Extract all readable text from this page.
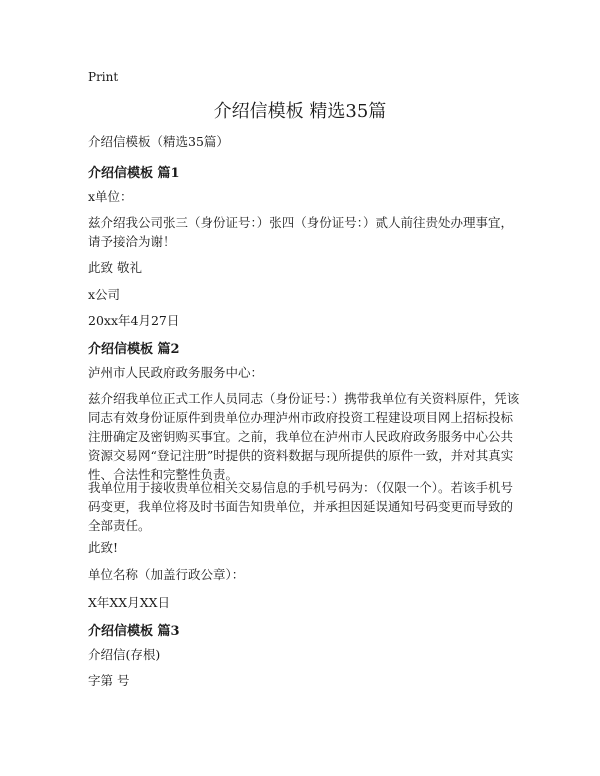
Print
介绍信模板 精选35篇
介绍信模板（精选35篇）
介绍信模板 篇1
x单位：
兹介绍我公司张三（身份证号：）张四（身份证号：）贰人前往贵处办理事宜，请予接洽为谢！
此致 敬礼
x公司
20xx年4月27日
介绍信模板 篇2
泸州市人民政府政务服务中心：
兹介绍我单位正式工作人员同志（身份证号：）携带我单位有关资料原件，凭该同志有效身份证原件到贵单位办理泸州市政府投资工程建设项目网上招标投标注册确定及密钥购买事宜。之前，我单位在泸州市人民政府政务服务中心公共资源交易网“登记注册”时提供的资料数据与现所提供的原件一致，并对其真实性、合法性和完整性负责。
我单位用于接收贵单位相关交易信息的手机号码为：（仅限一个）。若该手机号码变更，我单位将及时书面告知贵单位，并承担因延误通知号码变更而导致的全部责任。
此致!
单位名称（加盖行政公章）：
X年XX月XX日
介绍信模板 篇3
介绍信(存根)
字第 号
